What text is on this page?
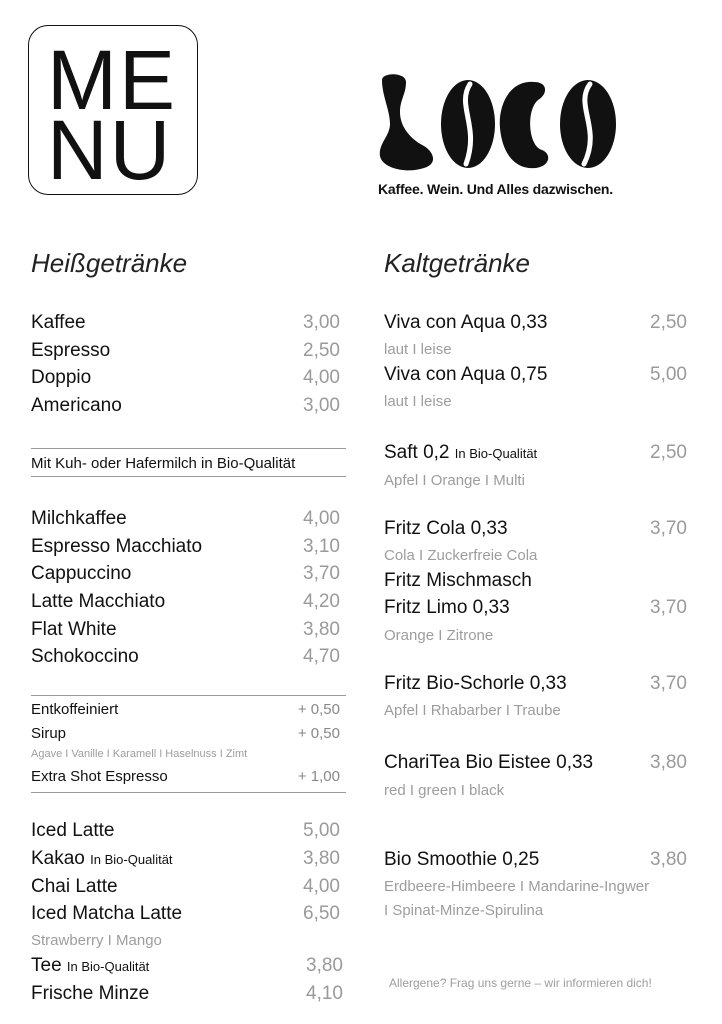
ME
NU	Kaffee. Wein. Und Alles dazwischen.
Heißgetränke
Kaffee	3,00
Espresso	2,50
Doppio	4,00
Americano	3,00
Mit Kuh- oder Hafermilch in Bio-Qualität
Milchkaffee	4,00
Espresso Macchiato	3,10
Cappuccino	3,70
Latte Macchiato	4,20
Flat White	3,80
Schokoccino	4,70
Entkoffeiniert	+ 0,50
Sirup	+ 0,50
Agave I Vanille I Karamell I Haselnuss I Zimt
Extra Shot Espresso	+ 1,00
Iced Latte	5,00
Kakao In Bio-Qualität	3,80
Chai Latte	4,00
Iced Matcha Latte	6,50
Strawberry I Mango
Tee In Bio-Qualität	3,80
Frische Minze	4,10
Kaltgetränke
Viva con Aqua 0,33	2,50
laut I leise
Viva con Aqua 0,75	5,00
laut I leise
Saft 0,2 In Bio-Qualität	2,50
Apfel I Orange I Multi
Fritz Cola 0,33	3,70
Cola I Zuckerfreie Cola
Fritz Mischmasch
Fritz Limo 0,33	3,70
Orange I Zitrone
Fritz Bio-Schorle 0,33	3,70
Apfel I Rhabarber I Traube
ChariTea Bio Eistee 0,33	3,80
red I green I black
Bio Smoothie 0,25	3,80
Erdbeere-Himbeere I Mandarine-Ingwer
I Spinat-Minze-Spirulina
Allergene? Frag uns gerne – wir informieren dich!
